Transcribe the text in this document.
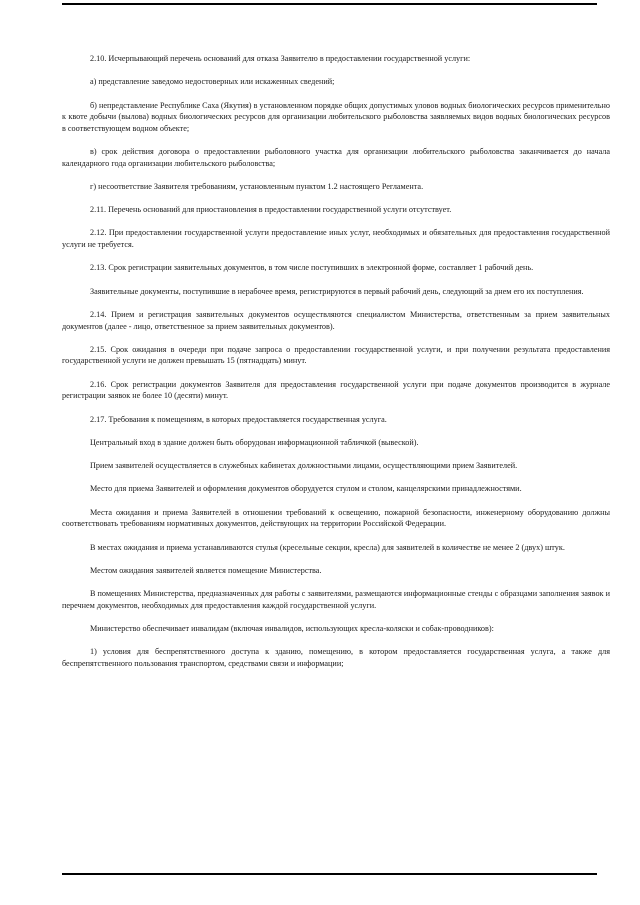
2.10. Исчерпывающий перечень оснований для отказа Заявителю в предоставлении государственной услуги:

а) представление заведомо недостоверных или искаженных сведений;

б) непредставление Республике Саха (Якутия) в установленном порядке общих допустимых уловов водных биологических ресурсов применительно к квоте добычи (вылова) водных биологических ресурсов для организации любительского рыболовства заявляемых видов водных биологических ресурсов в соответствующем водном объекте;

в) срок действия договора о предоставлении рыболовного участка для организации любительского рыболовства заканчивается до начала календарного года организации любительского рыболовства;

г) несоответствие Заявителя требованиям, установленным пунктом 1.2 настоящего Регламента.

2.11. Перечень оснований для приостановления в предоставлении государственной услуги отсутствует.

2.12. При предоставлении государственной услуги предоставление иных услуг, необходимых и обязательных для предоставления государственной услуги не требуется.

2.13. Срок регистрации заявительных документов, в том числе поступивших в электронной форме, составляет 1 рабочий день.

Заявительные документы, поступившие в нерабочее время, регистрируются в первый рабочий день, следующий за днем его их поступления.

2.14. Прием и регистрация заявительных документов осуществляются специалистом Министерства, ответственным за прием заявительных документов (далее - лицо, ответственное за прием заявительных документов).

2.15. Срок ожидания в очереди при подаче запроса о предоставлении государственной услуги, и при получении результата предоставления государственной услуги не должен превышать 15 (пятнадцать) минут.

2.16. Срок регистрации документов Заявителя для предоставления государственной услуги при подаче документов производится в журнале регистрации заявок не более 10 (десяти) минут.

2.17. Требования к помещениям, в которых предоставляется государственная услуга.

Центральный вход в здание должен быть оборудован информационной табличкой (вывеской).

Прием заявителей осуществляется в служебных кабинетах должностными лицами, осуществляющими прием Заявителей.

Место для приема Заявителей и оформления документов оборудуется стулом и столом, канцелярскими принадлежностями.

Места ожидания и приема Заявителей в отношении требований к освещению, пожарной безопасности, инженерному оборудованию должны соответствовать требованиям нормативных документов, действующих на территории Российской Федерации.

В местах ожидания и приема устанавливаются стулья (кресельные секции, кресла) для заявителей в количестве не менее 2 (двух) штук.

Местом ожидания заявителей является помещение Министерства.

В помещениях Министерства, предназначенных для работы с заявителями, размещаются информационные стенды с образцами заполнения заявок и перечнем документов, необходимых для предоставления каждой государственной услуги.

Министерство обеспечивает инвалидам (включая инвалидов, использующих кресла-коляски и собак-проводников):

1) условия для беспрепятственного доступа к зданию, помещению, в котором предоставляется государственная услуга, а также для беспрепятственного пользования транспортом, средствами связи и информации;
